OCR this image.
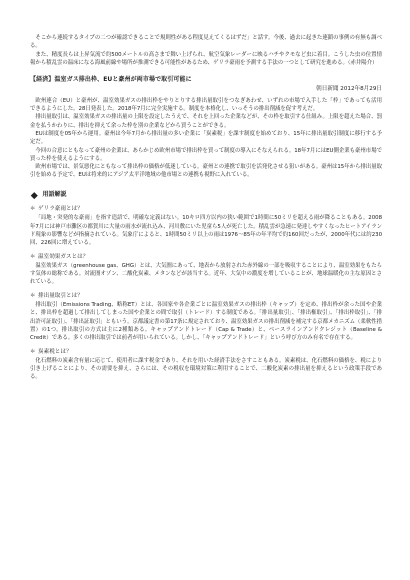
そこから連続するタイプの二つが確認できることで規則性がある程度見えてくるはずだ」と話す。今後、過去に起きた連鎖の事例の有無も調べる。

また、精度長らは上昇気流で約500メートルの高さまで舞い上げられ、航空気象レーダーに映るハチやクモなど虫に着目。こうした虫の位置情報から積乱雲の温床になる海風前線や場所が推測できる可能性があるため、ゲリラ豪雨を予測する手法の一つとして研究を進める。（赤井陽介）

【経済】温室ガス排出枠、EUと豪州が両市場で取引可能に

朝日新聞 2012年8月29日

欧州連合（EU）と豪州が、温室効果ガスの排出枠をやりとりする排出量取引をつなぎあわせ、いずれの市場で入手した「枠」であっても活用できるようにした。28日発表した。2018年7月に完全実施する。制度を本格化し、いっそうの排出削減を促す考えだ。

排出量取引は、温室効果ガスの排出量の上限を設定したうえで、それを上回った企業などが、その枠を取引する仕組み。上限を超えた場合、罰金を払うかわりに、排出を抑えて余った枠を別の企業などから買うことができる。

EUは制度を05年から運用。豪州は今年7月から排出量の多い企業に「炭素税」を課す制度を始めており、15年に排出量取引制度に移行する予定だ。

今回の合意にともなって豪州の企業は、あらかじめ欧州市場で排出枠を買って制度の導入にそなえられる。18年7月にはEU側企業も豪州市場で買った枠を使えるようにする。

欧州市場では、景気悪化にともなって排出枠の価格が低迷している。豪州との連携で取引を活発化させる狙いがある。豪州は15年から排出量取引を始める予定で、EUは将来的にアジア太平洋地域の他市場との連携も視野に入れている。

用語解説

＊ ゲリラ豪雨とは？

「局地・突発的な豪雨」を指す造語で、明確な定義はない。10キロ四方以内の狭い範囲で1時間に50ミリを超える雨が降ることもある。2008年7月には神戸市灘区の都賀川に大量の雨水が流れ込み、河川敷にいた児童ら5人が死亡した。積乱雲が急速に発達しやすくなったヒートアイランド現象の影響などが指摘されている。気象庁によると、1時間50ミリ以上の雨は1976～85年の年平均で約160回だったが、2000年代には約230回、226回に増えている。

＊ 温室効果ガスとは？

温室効果ガス（greenhouse gas、GHG）とは、大気圏にあって、地表から放射された赤外線の一部を吸収することにより、温室効果をもたらす気体の総称である。対流圏オゾン、二酸化炭素、メタンなどが該当する。近年、大気中の濃度を増していることが、地球温暖化の主な原因とされている。

＊ 排出量取引とは？

排出取引（Emissions Trading、略称ET）とは、各国家や各企業ごとに温室効果ガスの排出枠（キャップ）を定め、排出枠が余った国や企業と、排出枠を超過して排出してしまった国や企業との間で取引（トレード）する制度である。「排出量取引」、「排出権取引」、「排出枠取引」、「排出許可証取引」、「排出証取引」ともいう。京都議定書の第17条に規定されており、温室効果ガスの排出削減を補完する京都メカニズム（柔軟性措置）の1つ。排出取引の方式は主に2種類ある。キャップアンドトレード（Cap & Trade）と、ベースラインアンドクレジット（Baseline & Credit）である。多くの排出取引では前者が用いられている。しかし、「キャップアンドトレード」という呼び方のみ有名で存在する。

＊ 炭素税とは？

化石燃料の炭素含有量に応じて、使用者に課す税金であり、それを用いた経済手法をさすこともある。炭素税は、化石燃料の価格を、税により引き上げることにより、その需要を抑え、さらには、その税収を環境対策に利用することで、二酸化炭素の排出量を抑えるという政策手段である。
